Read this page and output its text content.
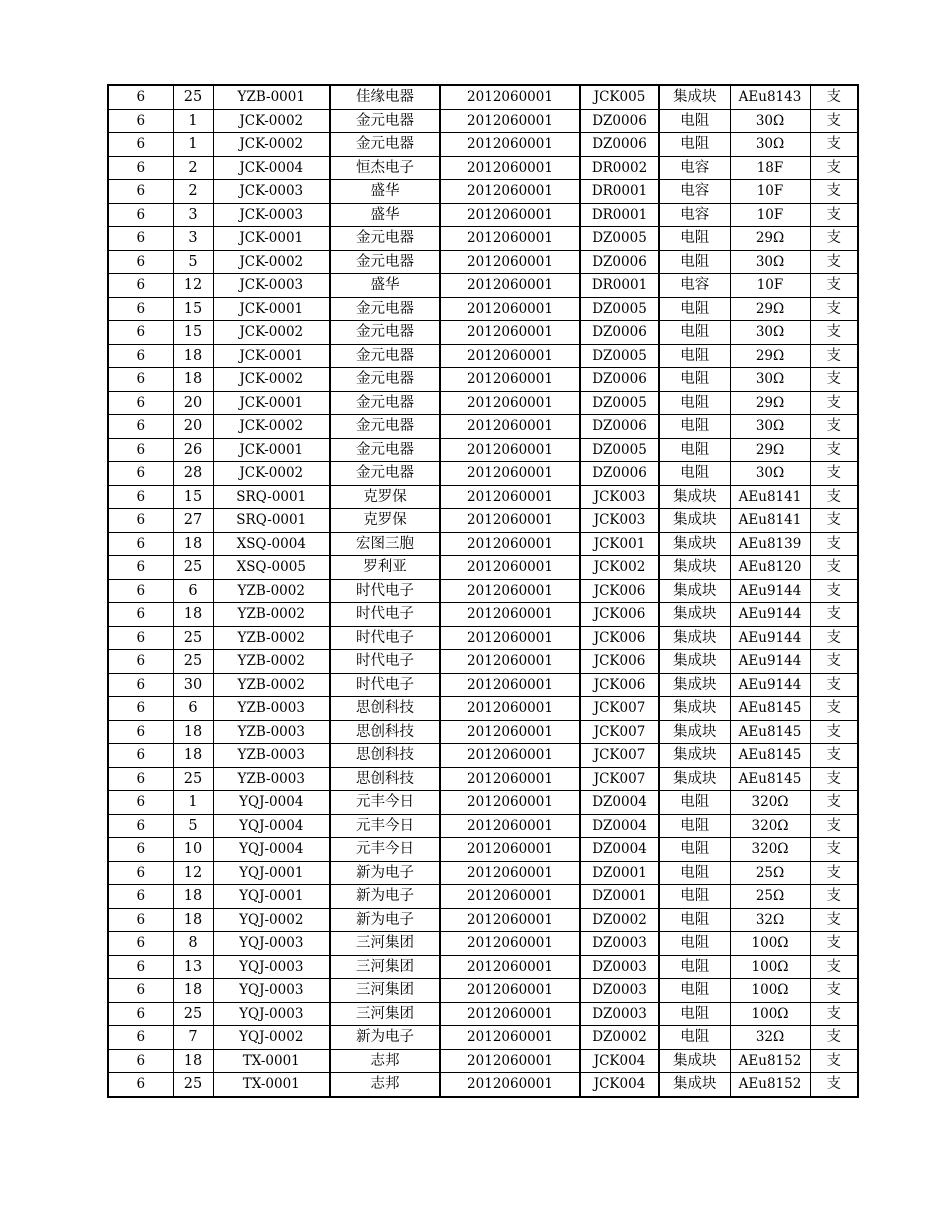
6	25	YZB-0001	佳缘电器	2012060001	JCK005	集成块	AEu8143	支
6	1	JCK-0002	金元电器	2012060001	DZ0006	电阻	30Ω	支
6	1	JCK-0002	金元电器	2012060001	DZ0006	电阻	30Ω	支
6	2	JCK-0004	恒杰电子	2012060001	DR0002	电容	18F	支
6	2	JCK-0003	盛华	2012060001	DR0001	电容	10F	支
6	3	JCK-0003	盛华	2012060001	DR0001	电容	10F	支
6	3	JCK-0001	金元电器	2012060001	DZ0005	电阻	29Ω	支
6	5	JCK-0002	金元电器	2012060001	DZ0006	电阻	30Ω	支
6	12	JCK-0003	盛华	2012060001	DR0001	电容	10F	支
6	15	JCK-0001	金元电器	2012060001	DZ0005	电阻	29Ω	支
6	15	JCK-0002	金元电器	2012060001	DZ0006	电阻	30Ω	支
6	18	JCK-0001	金元电器	2012060001	DZ0005	电阻	29Ω	支
6	18	JCK-0002	金元电器	2012060001	DZ0006	电阻	30Ω	支
6	20	JCK-0001	金元电器	2012060001	DZ0005	电阻	29Ω	支
6	20	JCK-0002	金元电器	2012060001	DZ0006	电阻	30Ω	支
6	26	JCK-0001	金元电器	2012060001	DZ0005	电阻	29Ω	支
6	28	JCK-0002	金元电器	2012060001	DZ0006	电阻	30Ω	支
6	15	SRQ-0001	克罗保	2012060001	JCK003	集成块	AEu8141	支
6	27	SRQ-0001	克罗保	2012060001	JCK003	集成块	AEu8141	支
6	18	XSQ-0004	宏图三胞	2012060001	JCK001	集成块	AEu8139	支
6	25	XSQ-0005	罗利亚	2012060001	JCK002	集成块	AEu8120	支
6	6	YZB-0002	时代电子	2012060001	JCK006	集成块	AEu9144	支
6	18	YZB-0002	时代电子	2012060001	JCK006	集成块	AEu9144	支
6	25	YZB-0002	时代电子	2012060001	JCK006	集成块	AEu9144	支
6	25	YZB-0002	时代电子	2012060001	JCK006	集成块	AEu9144	支
6	30	YZB-0002	时代电子	2012060001	JCK006	集成块	AEu9144	支
6	6	YZB-0003	思创科技	2012060001	JCK007	集成块	AEu8145	支
6	18	YZB-0003	思创科技	2012060001	JCK007	集成块	AEu8145	支
6	18	YZB-0003	思创科技	2012060001	JCK007	集成块	AEu8145	支
6	25	YZB-0003	思创科技	2012060001	JCK007	集成块	AEu8145	支
6	1	YQJ-0004	元丰今日	2012060001	DZ0004	电阻	320Ω	支
6	5	YQJ-0004	元丰今日	2012060001	DZ0004	电阻	320Ω	支
6	10	YQJ-0004	元丰今日	2012060001	DZ0004	电阻	320Ω	支
6	12	YQJ-0001	新为电子	2012060001	DZ0001	电阻	25Ω	支
6	18	YQJ-0001	新为电子	2012060001	DZ0001	电阻	25Ω	支
6	18	YQJ-0002	新为电子	2012060001	DZ0002	电阻	32Ω	支
6	8	YQJ-0003	三河集团	2012060001	DZ0003	电阻	100Ω	支
6	13	YQJ-0003	三河集团	2012060001	DZ0003	电阻	100Ω	支
6	18	YQJ-0003	三河集团	2012060001	DZ0003	电阻	100Ω	支
6	25	YQJ-0003	三河集团	2012060001	DZ0003	电阻	100Ω	支
6	7	YQJ-0002	新为电子	2012060001	DZ0002	电阻	32Ω	支
6	18	TX-0001	志邦	2012060001	JCK004	集成块	AEu8152	支
6	25	TX-0001	志邦	2012060001	JCK004	集成块	AEu8152	支
